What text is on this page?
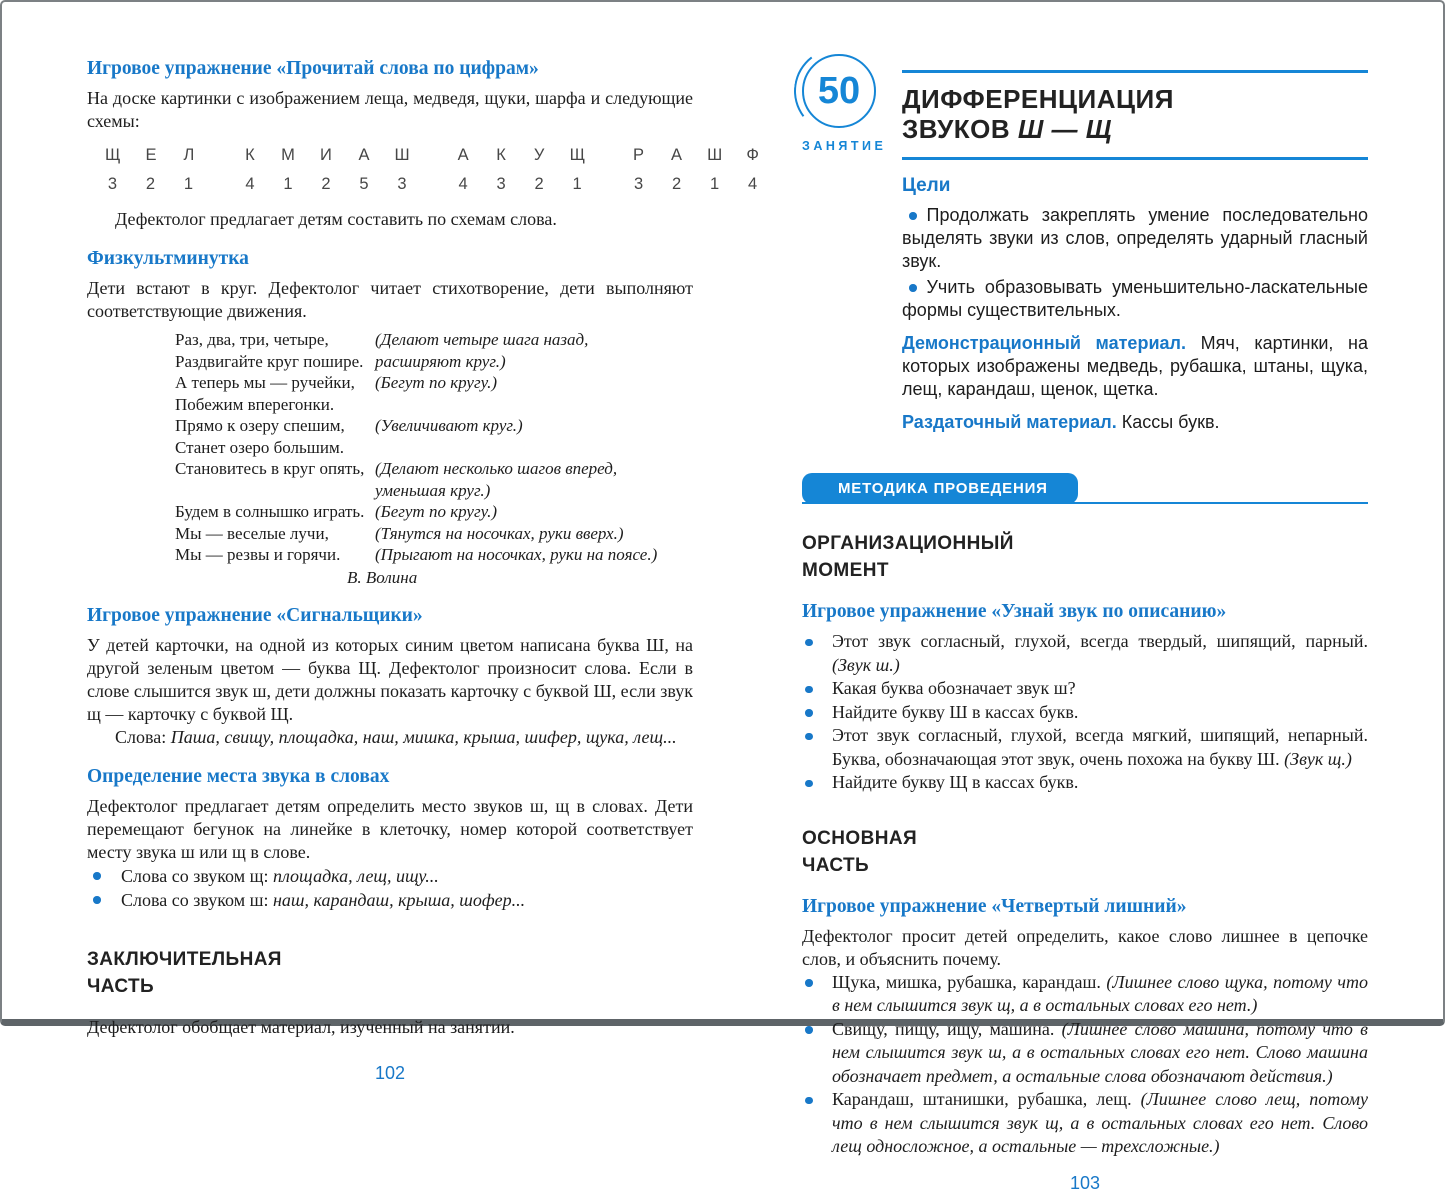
Игровое упражнение «Прочитай слова по цифрам»

На доске картинки с изображением леща, медведя, щуки, шарфа и следующие схемы:

Щ Е Л
3 2 1
К М И А Ш
4 1 2 5 3
А К У Щ
4 3 2 1
Р А Ш Ф
3 2 1 4

Дефектолог предлагает детям составить по схемам слова.

Физкультминутка

Дети встают в круг. Дефектолог читает стихотворение, дети выполняют соответствующие движения.

Раз, два, три, четыре,	(Делают четыре шага назад,
Раздвигайте круг пошире. расширяют круг.)
А теперь мы — ручейки,	(Бегут по кругу.)
Побежим вперегонки.
Прямо к озеру спешим,	(Увеличивают круг.)
Станет озеро большим.
Становитесь в круг опять, (Делают несколько шагов вперед,
уменьшая круг.)
Будем в солнышко играть. (Бегут по кругу.)
Мы — веселые лучи,	(Тянутся на носочках, руки вверх.)
Мы — резвы и горячи.	(Прыгают на носочках, руки на поясе.)
В. Волина
Игровое упражнение «Сигнальщики»

У детей карточки, на одной из которых синим цветом написана буква Ш, на другой зеленым цветом — буква Щ. Дефектолог произносит слова. Если в слове слышится звук ш, дети должны показать карточку с буквой Ш, если звук щ — карточку с буквой Щ.

Слова: Паша, свищу, площадка, наш, мишка, крыша, шифер, щука, лещ...

Определение места звука в словах

Дефектолог предлагает детям определить место звуков ш, щ в словах. Дети перемещают бегунок на линейке в клеточку, номер которой соответствует месту звука ш или щ в слове.

Слова со звуком щ: площадка, лещ, ищу...
Слова со звуком ш: наш, карандаш, крыша, шофер...
ЗАКЛЮЧИТЕЛЬНАЯ
ЧАСТЬ

Дефектолог обобщает материал, изученный на занятии.

102
50
ЗАНЯТИЕ
ДИФФЕРЕНЦИАЦИЯ
ЗВУКОВ Ш — Щ
Цели

Продолжать закреплять умение последовательно выделять звуки из слов, определять ударный гласный звук.

Учить образовывать уменьшительно-ласкательные формы существительных.

Демонстрационный материал. Мяч, картинки, на которых изображены медведь, рубашка, штаны, щука, лещ, карандаш, щенок, щетка.

Раздаточный материал. Кассы букв.

МЕТОДИКА ПРОВЕДЕНИЯ
ОРГАНИЗАЦИОННЫЙ
МОМЕНТ
Игровое упражнение «Узнай звук по описанию»
Этот звук согласный, глухой, всегда твердый, шипящий, парный. (Звук ш.)
Какая буква обозначает звук ш?
Найдите букву Ш в кассах букв.
Этот звук согласный, глухой, всегда мягкий, шипящий, непарный. Буква, обозначающая этот звук, очень похожа на букву Ш. (Звук щ.)
Найдите букву Щ в кассах букв.
ОСНОВНАЯ
ЧАСТЬ
Игровое упражнение «Четвертый лишний»

Дефектолог просит детей определить, какое слово лишнее в цепочке слов, и объяснить почему.

Щука, мишка, рубашка, карандаш. (Лишнее слово щука, потому что в нем слышится звук щ, а в остальных словах его нет.)
Свищу, пищу, ищу, машина. (Лишнее слово машина, потому что в нем слышится звук ш, а в остальных словах его нет. Слово машина обозначает предмет, а остальные слова обозначают действия.)
Карандаш, штанишки, рубашка, лещ. (Лишнее слово лещ, потому что в нем слышится звук щ, а в остальных словах его нет. Слово лещ односложное, а остальные — трехсложные.)
103
